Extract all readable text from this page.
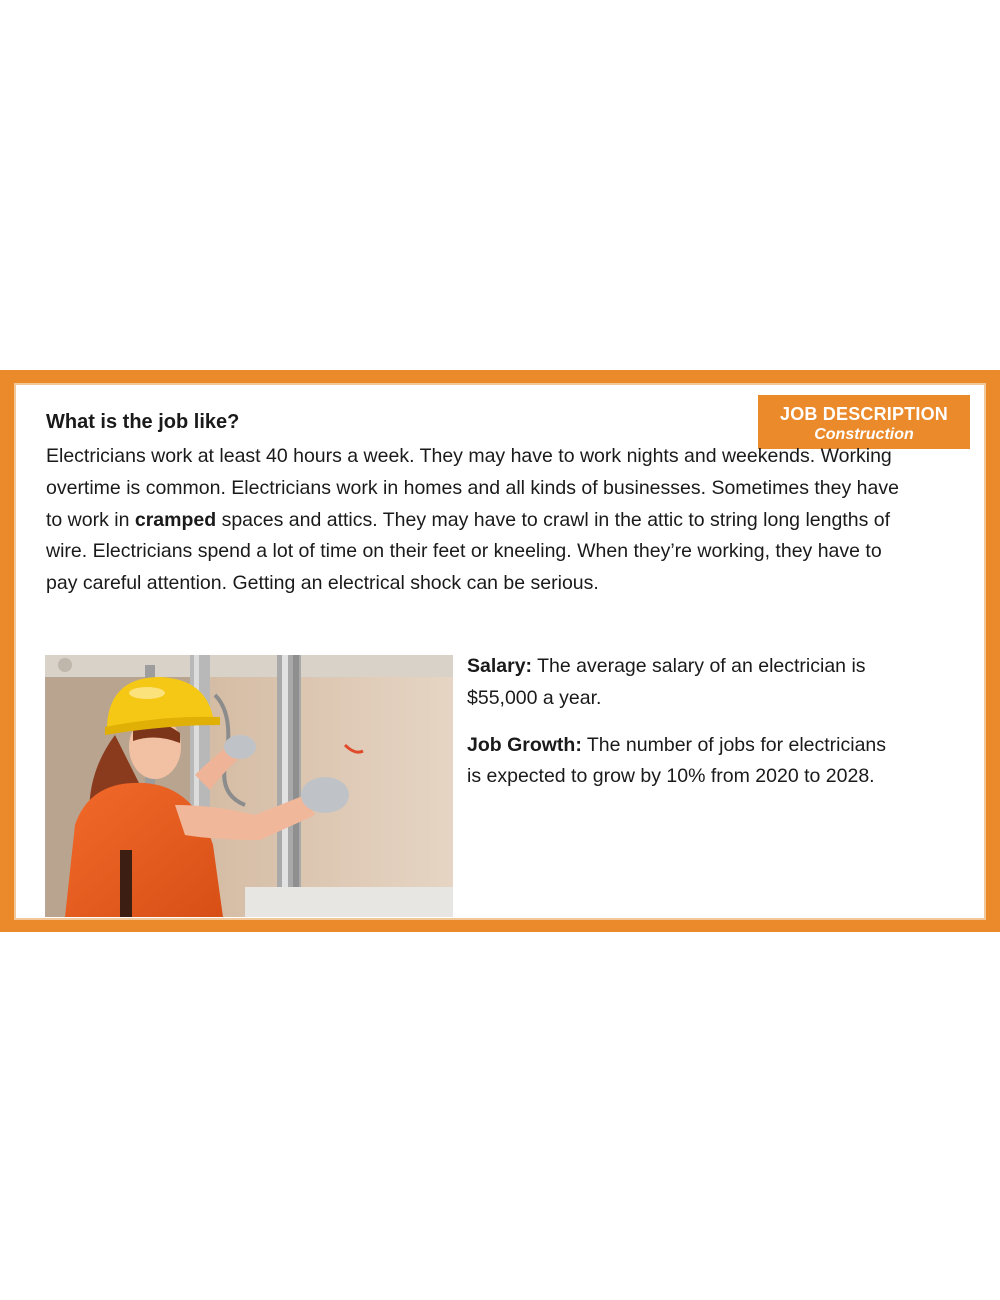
JOB DESCRIPTION
Construction
What is the job like?

Electricians work at least 40 hours a week. They may have to work nights and weekends. Working overtime is common. Electricians work in homes and all kinds of businesses. Sometimes they have to work in cramped spaces and attics. They may have to crawl in the attic to string long lengths of wire. Electricians spend a lot of time on their feet or kneeling. When they’re working, they have to pay careful attention. Getting an electrical shock can be serious.

Salary: The average salary of an electrician is $55,000 a year.

Job Growth: The number of jobs for electricians is expected to grow by 10% from 2020 to 2028.
